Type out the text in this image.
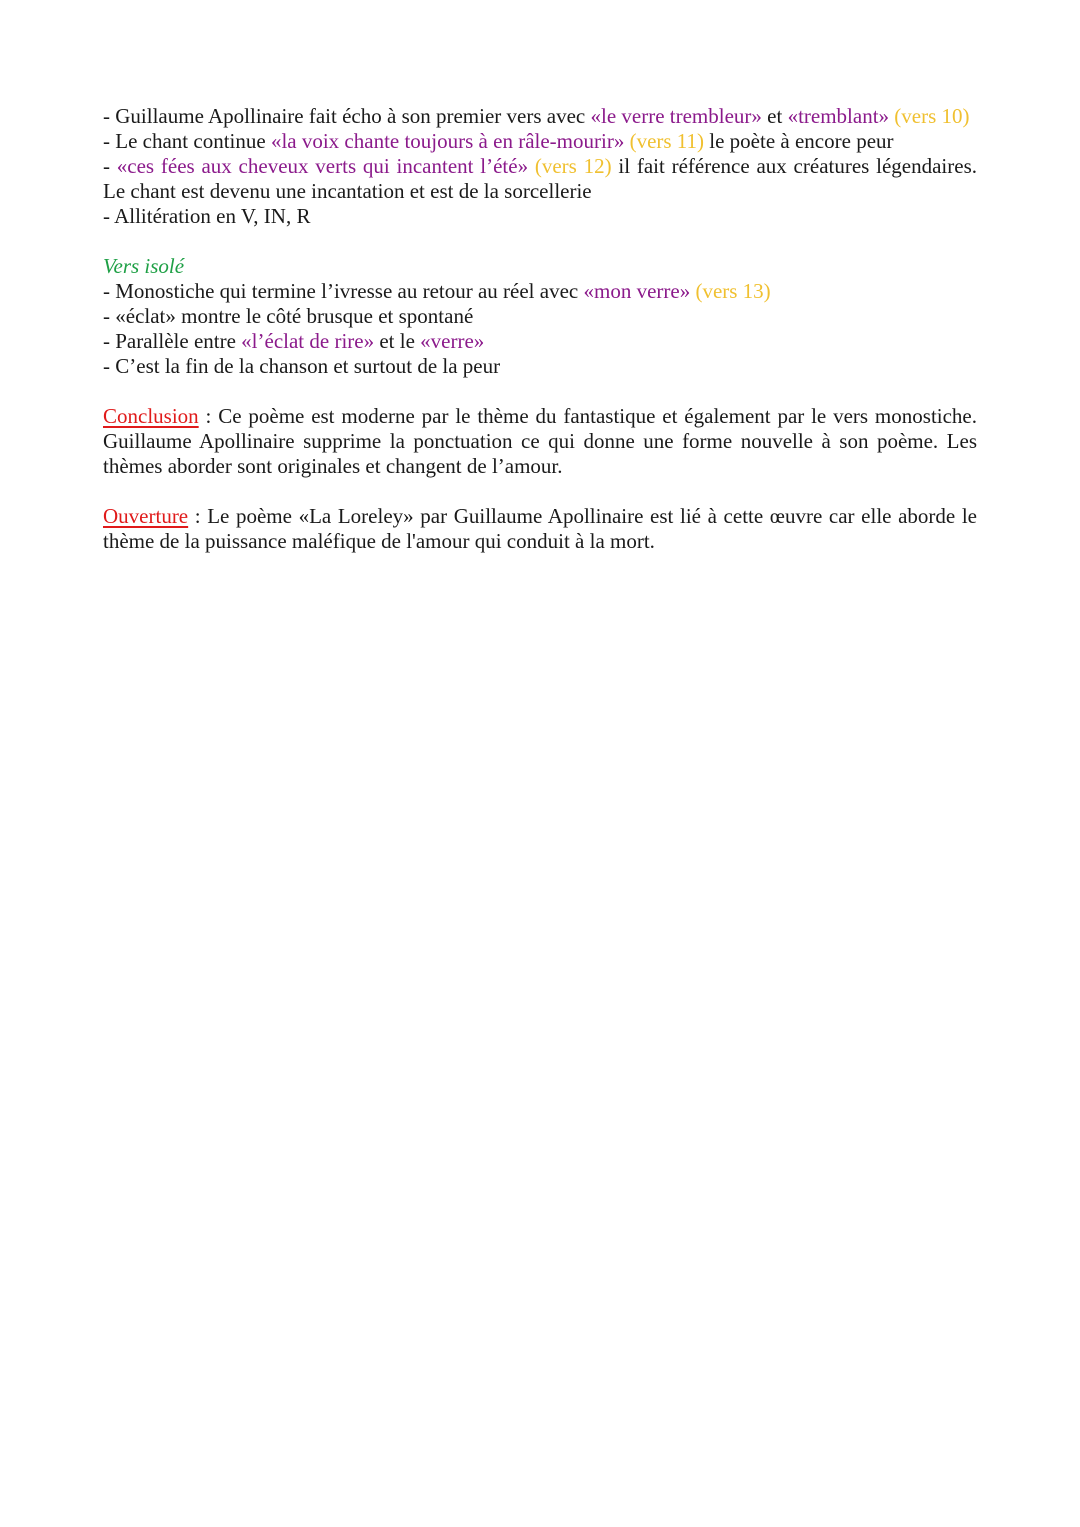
- Guillaume Apollinaire fait écho à son premier vers avec «le verre trembleur» et «tremblant» (vers 10)

- Le chant continue «la voix chante toujours à en râle-mourir» (vers 11) le poète à encore peur

- «ces fées aux cheveux verts qui incantent l’été» (vers 12) il fait référence aux créatures légendaires. Le chant est devenu une incantation et est de la sorcellerie

- Allitération en V, IN, R

Vers isolé

- Monostiche qui termine l’ivresse au retour au réel avec «mon verre» (vers 13)

- «éclat» montre le côté brusque et spontané

- Parallèle entre «l’éclat de rire» et le «verre»

- C’est la fin de la chanson et surtout de la peur

Conclusion : Ce poème est moderne par le thème du fantastique et également par le vers monostiche. Guillaume Apollinaire supprime la ponctuation ce qui donne une forme nouvelle à son poème. Les thèmes aborder sont originales et changent de l’amour.

Ouverture : Le poème «La Loreley» par Guillaume Apollinaire est lié à cette œuvre car elle aborde le thème de la puissance maléfique de l'amour qui conduit à la mort.
